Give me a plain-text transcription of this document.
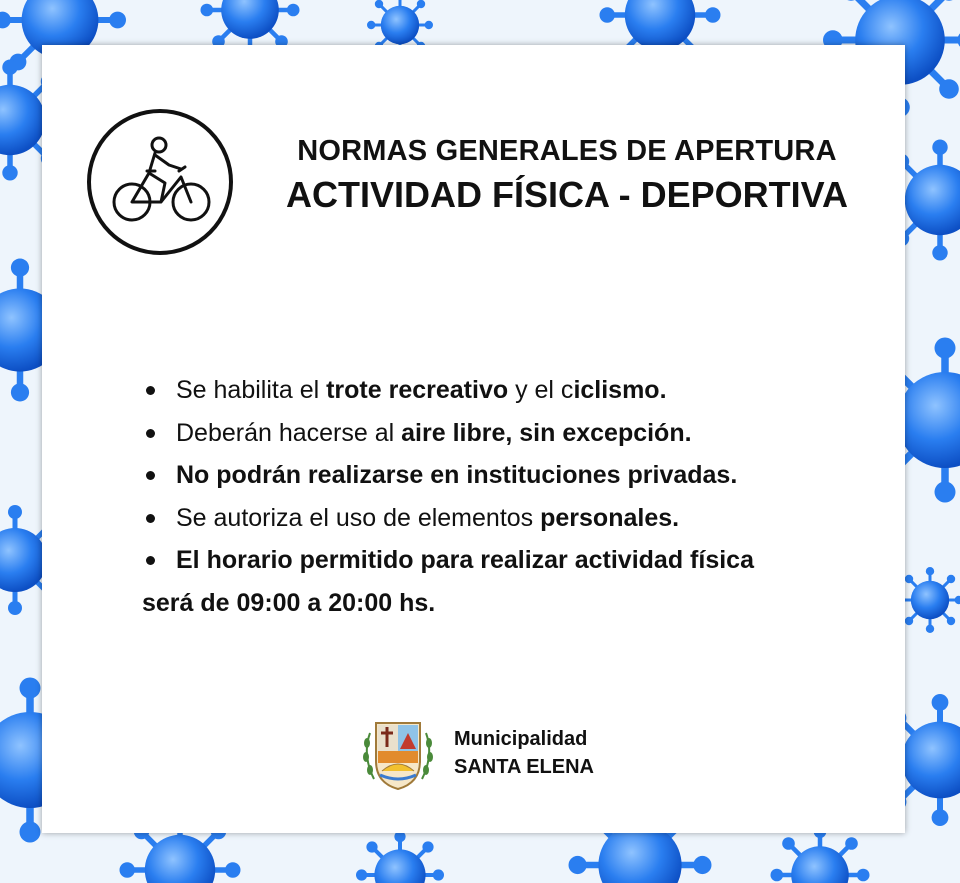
NORMAS GENERALES DE APERTURA
ACTIVIDAD FÍSICA - DEPORTIVA
Se habilita el trote recreativo y el ciclismo.
Deberán hacerse al aire libre, sin excepción.
No podrán realizarse en instituciones privadas.
Se autoriza el uso de elementos personales.
El horario permitido para realizar actividad física
será de 09:00 a 20:00 hs.
Municipalidad
SANTA ELENA
